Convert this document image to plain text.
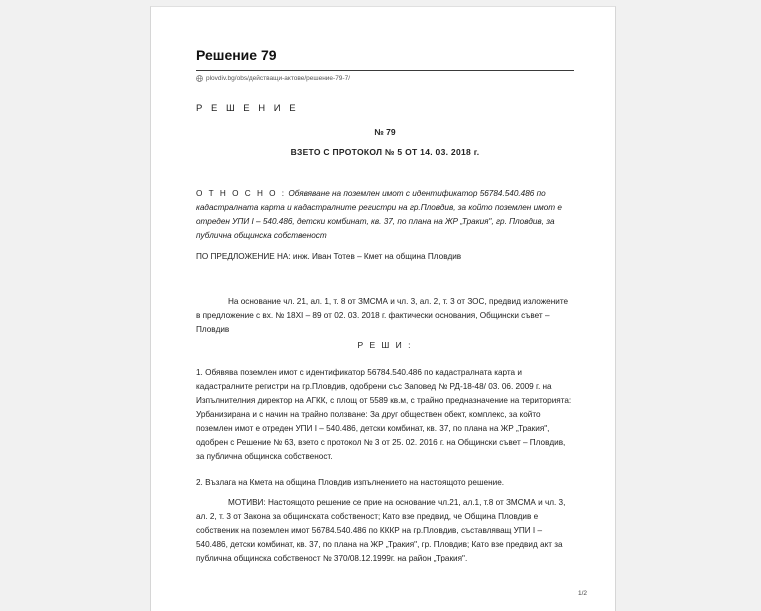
Решение 79
plovdiv.bg/obs/действащи-актове/решение-79-7/
Р Е Ш Е Н И Е
№ 79
ВЗЕТО С ПРОТОКОЛ № 5 ОТ 14. 03. 2018 г.
О Т Н О С Н О : Обявяване на поземлен имот с идентификатор 56784.540.486 по кадастралната карта и кадастралните регистри на гр.Пловдив, за който поземлен имот е отреден УПИ I – 540.486, детски комбинат, кв. 37, по плана на ЖР „Тракия", гр. Пловдив, за публична общинска собственост
ПО ПРЕДЛОЖЕНИЕ НА: инж. Иван Тотев – Кмет на община Пловдив
На основание чл. 21, ал. 1, т. 8 от ЗМСМА и чл. 3, ал. 2, т. 3 от ЗОС, предвид изложените в предложение с вх. № 18ХI – 89 от 02. 03. 2018 г. фактически основания, Общински съвет – Пловдив
Р Е Ш И :
1. Обявява поземлен имот с идентификатор 56784.540.486 по кадастралната карта и кадастралните регистри на гр.Пловдив, одобрени със Заповед № РД-18-48/ 03. 06. 2009 г. на Изпълнителния директор на АГКК, с площ от 5589 кв.м, с трайно предназначение на територията: Урбанизирана и с начин на трайно ползване: За друг обществен обект, комплекс, за който поземлен имот е отреден УПИ I – 540.486, детски комбинат, кв. 37, по плана на ЖР „Тракия", одобрен с Решение № 63, взето с протокол № 3 от 25. 02. 2016 г. на Общински съвет – Пловдив, за публична общинска собственост.
2. Възлага на Кмета на община Пловдив изпълнението на настоящото решение.
МОТИВИ: Настоящото решение се прие на основание чл.21, ал.1, т.8 от ЗМСМА и чл. 3, ал. 2, т. 3 от Закона за общинската собственост; Като взе предвид, че Община Пловдив е собственик на поземлен имот 56784.540.486 по КККР на гр.Пловдив, съставляващ УПИ I – 540.486, детски комбинат, кв. 37, по плана на ЖР „Тракия", гр. Пловдив; Като взе предвид акт за публична общинска собственост № 370/08.12.1999г. на район „Тракия".
1/2
